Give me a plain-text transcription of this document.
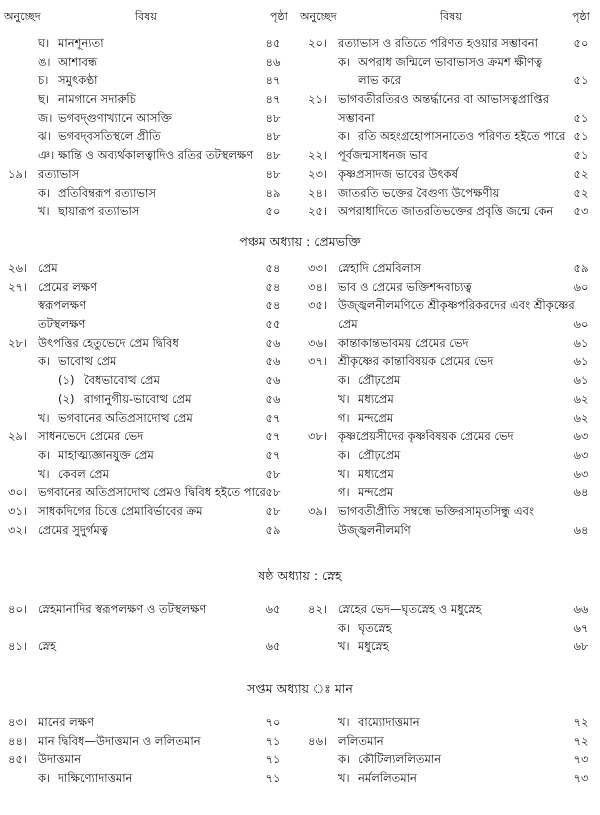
অনুচ্ছেদ	বিষয়	পৃষ্ঠা অনুচ্ছেদ	বিষয়	পৃষ্ঠা
ঘ। মানশূন্যতা	৪৫
ঙ। আশাবন্ধ	৪৬
চ। সমুৎকণ্ঠা	৪৭
ছ। নামগানে সদারুচি	৪৭
জ। ভগবদ্‌গুণাখ্যানে আসক্তি	৪৮
ঝ। ভগবদ্‌বসতিস্থলে প্রীতি	৪৮
ঞ। ক্ষান্তি ও অব্যর্থকালত্বাদিও রতির তটস্থলক্ষণ	৪৮
১৯। রত্যাভাস	৪৮
ক। প্রতিবিম্বরূপ রত্যাভাস	৪৯
খ। ছায়ারূপ রত্যাভাস	৫০
২০। রত্যাভাস ও রতিতে পরিণত হওয়ার সম্ভাবনা	৫০
ক। অপরাধ জন্মিলে ভাবাভাসও ক্রমশ ক্ষীণত্ব
লাভ করে	৫১
২১। ভাগবতীরতিরও অন্তর্দ্ধানের বা আভাসত্বপ্রাপ্তির
সম্ভাবনা	৫১
ক। রতি অহংগ্রহোপাসনাতেও পরিণত হইতে পারে ৫১
২২। পূর্বজন্মসাধনজ ভাব	৫১
২৩। কৃষ্ণপ্রসাদজ ভাবের উৎকর্ষ	৫২
২৪। জাতরতি ভক্তের বৈগুণ্য উপেক্ষণীয়	৫২
২৫। অপরাধাদিতে জাতরতিভক্তের প্রবৃত্তি জন্মে কেন	৫৩
পঞ্চম অধ্যায় : প্রেমভক্তি
২৬। প্রেম	৫৪
২৭। প্রেমের লক্ষণ	৫৪
স্বরূপলক্ষণ	৫৪
তটস্থলক্ষণ	৫৫
২৮। উৎপত্তির হেতুভেদে প্রেম দ্বিবিধ	৫৬
ক। ভাবোত্থ প্রেম	৫৬
(১) বৈধভাবোত্থ প্রেম	৫৬
(২) রাগানুগীয়-ভাবোত্থ প্রেম	৫৬
খ। ভগবানের অতিপ্রসাদোত্থ প্রেম	৫৭
২৯। সাধনভেদে প্রেমের ভেদ	৫৭
ক। মাহাত্ম্যজ্ঞানযুক্ত প্রেম	৫৭
খ। কেবল প্রেম	৫৮
৩০। ভগবানের অতিপ্রসাদোত্থ প্রেমও দ্বিবিধ হইতে পারে ৫৮
৩১। সাধকদিগের চিত্তে প্রেমাবির্ভাবের ক্রম	৫৮
৩২। প্রেমের সুদুর্গমত্ব	৫৯
৩৩। স্নেহাদি প্রেমবিলাস	৫৯
৩৪। ভাব ও প্রেমের ভক্তিশব্দবাচ্যত্ব	৬০
৩৫। উজ্জ্বলনীলমণিতে শ্রীকৃষ্ণপরিকরদের এবং শ্রীকৃষ্ণের
প্রেম	৬০
৩৬। কান্তাকান্তভাবময় প্রেমের ভেদ	৬১
৩৭। শ্রীকৃষ্ণের কান্তাবিষয়ক প্রেমের ভেদ	৬১
ক। প্রৌঢ়প্রেম	৬১
খ। মধ্যপ্রেম	৬২
গ। মন্দপ্রেম	৬২
৩৮। কৃষ্ণপ্রেয়সীদের কৃষ্ণবিষয়ক প্রেমের ভেদ	৬৩
ক। প্রৌঢ়প্রেম	৬৩
খ। মধ্যপ্রেম	৬৩
গ। মন্দপ্রেম	৬৪
৩৯। ভাগবতীপ্রীতি সম্বন্ধে ভক্তিরসামৃতসিন্ধু এবং
উজ্জ্বলনীলমণি	৬৪
ষষ্ঠ অধ্যায় : স্নেহ
৪০। স্নেহমানাদির স্বরূপলক্ষণ ও তটস্থলক্ষণ	৬৫
৪১। স্নেহ	৬৫
৪২। স্নেহের ভেদ—ঘৃতস্নেহ ও মধুস্নেহ	৬৬
ক। ঘৃতস্নেহ	৬৭
খ। মধুস্নেহ	৬৮
সপ্তম অধ্যায় ঃ মান
৪৩। মানের লক্ষণ	৭০
৪৪। মান দ্বিবিধ—উদাত্তমান ও ললিতমান	৭১
৪৫। উদাত্তমান	৭১
ক। দাক্ষিণ্যোদাত্তমান	৭১
খ। বাম্যোদাত্তমান	৭২
৪৬। ললিতমান	৭২
ক। কৌটিল্যললিতমান	৭৩
খ। নর্মললিতমান	৭৩
